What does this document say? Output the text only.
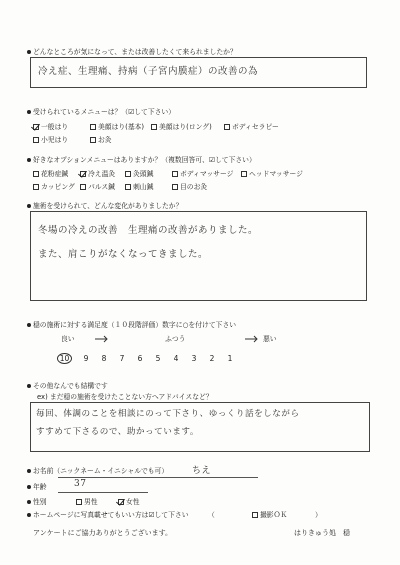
どんなところが気になって、または改善したくて来られましたか？
冷え症、生理痛、持病（子宮内膜症）の改善の為
受けられているメニューは？（☑して下さい）
一般はり	美顔はり(基本) 美顔はり(ロング)	ボディセラピー
小児はり	お灸
好きなオプションメニューはありますか？（複数回答可、☑して下さい）
花粉症鍼	冷え温灸	灸頭鍼	ボディマッサージ ヘッドマッサージ
カッピング パルス鍼	刺山鍼	目のお灸
施術を受けられて、どんな変化がありましたか？
冬場の冷えの改善　生理痛の改善がありました。
また、肩こりがなくなってきました。
穏の施術に対する満足度（１０段階評価）数字に○を付けて下さい
良い	ふつう	悪い
10 9 8 7 6 5 4 3 2 1
その他なんでも結構です
ex) まだ穏の施術を受けたことない方へアドバイスなど？
毎回、体調のことを相談にのって下さり、ゆっくり話をしながら
すすめて下さるので、助かっています。
お名前（ニックネーム・イニシャルでも可）	ちえ
年齢	37
性別	男性	女性
ホームページに写真載せてもいい方は☑して下さい	（	撮影ＯＫ	）
アンケートにご協力ありがとうございます。	はりきゅう処　穏
